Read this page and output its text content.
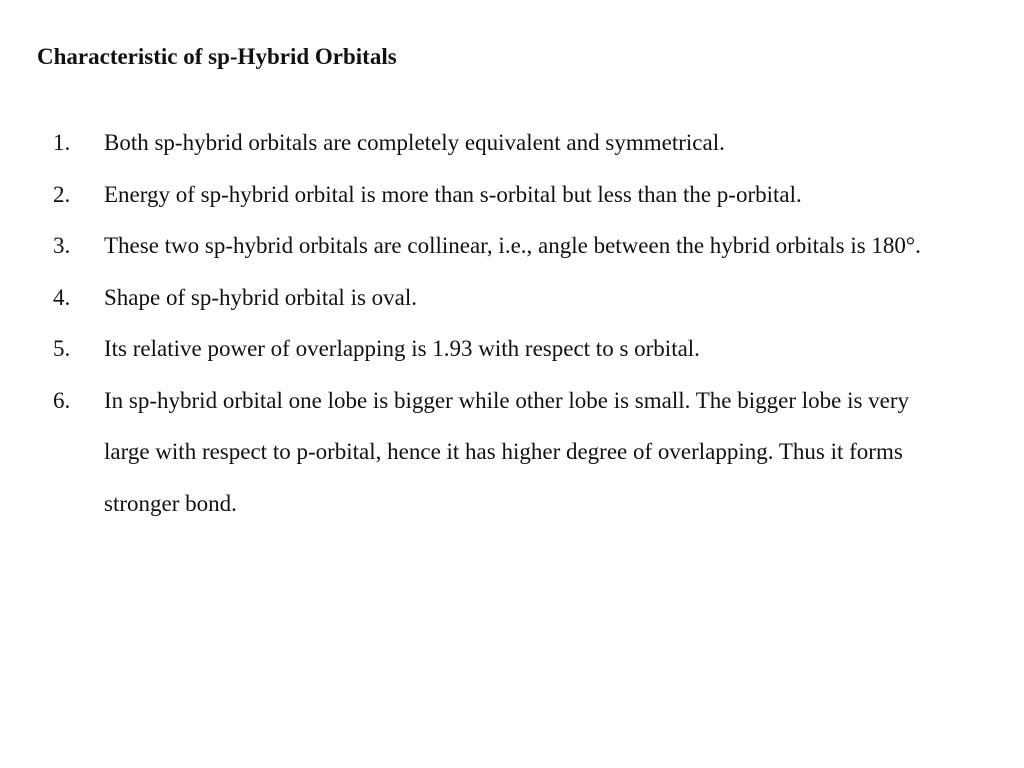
Characteristic of sp-Hybrid Orbitals
1.	Both sp-hybrid orbitals are completely equivalent and symmetrical.
2.	Energy of sp-hybrid orbital is more than s-orbital but less than the p-orbital.
3.	These two sp-hybrid orbitals are collinear, i.e., angle between the hybrid orbitals is 180°.
4.	Shape of sp-hybrid orbital is oval.
5.	Its relative power of overlapping is 1.93 with respect to s orbital.
6.	In sp-hybrid orbital one lobe is bigger while other lobe is small. The bigger lobe is very large with respect to p-orbital, hence it has higher degree of overlapping. Thus it forms stronger bond.
